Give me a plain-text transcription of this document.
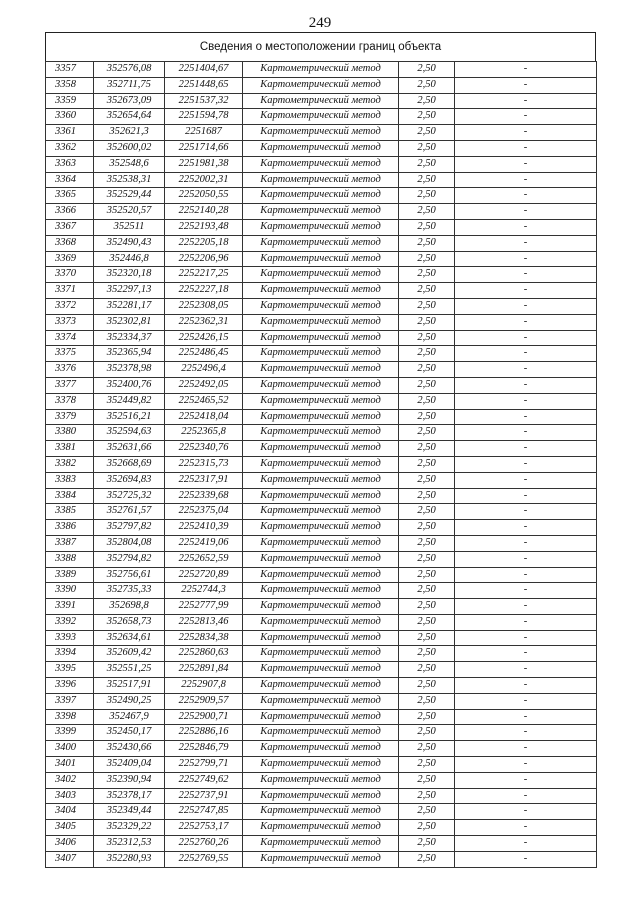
249
Сведения о местоположении границ объекта
3357	352576,08	2251404,67	Картометрический метод	2,50	-
3358	352711,75	2251448,65	Картометрический метод	2,50	-
3359	352673,09	2251537,32	Картометрический метод	2,50	-
3360	352654,64	2251594,78	Картометрический метод	2,50	-
3361	352621,3	2251687	Картометрический метод	2,50	-
3362	352600,02	2251714,66	Картометрический метод	2,50	-
3363	352548,6	2251981,38	Картометрический метод	2,50	-
3364	352538,31	2252002,31	Картометрический метод	2,50	-
3365	352529,44	2252050,55	Картометрический метод	2,50	-
3366	352520,57	2252140,28	Картометрический метод	2,50	-
3367	352511	2252193,48	Картометрический метод	2,50	-
3368	352490,43	2252205,18	Картометрический метод	2,50	-
3369	352446,8	2252206,96	Картометрический метод	2,50	-
3370	352320,18	2252217,25	Картометрический метод	2,50	-
3371	352297,13	2252227,18	Картометрический метод	2,50	-
3372	352281,17	2252308,05	Картометрический метод	2,50	-
3373	352302,81	2252362,31	Картометрический метод	2,50	-
3374	352334,37	2252426,15	Картометрический метод	2,50	-
3375	352365,94	2252486,45	Картометрический метод	2,50	-
3376	352378,98	2252496,4	Картометрический метод	2,50	-
3377	352400,76	2252492,05	Картометрический метод	2,50	-
3378	352449,82	2252465,52	Картометрический метод	2,50	-
3379	352516,21	2252418,04	Картометрический метод	2,50	-
3380	352594,63	2252365,8	Картометрический метод	2,50	-
3381	352631,66	2252340,76	Картометрический метод	2,50	-
3382	352668,69	2252315,73	Картометрический метод	2,50	-
3383	352694,83	2252317,91	Картометрический метод	2,50	-
3384	352725,32	2252339,68	Картометрический метод	2,50	-
3385	352761,57	2252375,04	Картометрический метод	2,50	-
3386	352797,82	2252410,39	Картометрический метод	2,50	-
3387	352804,08	2252419,06	Картометрический метод	2,50	-
3388	352794,82	2252652,59	Картометрический метод	2,50	-
3389	352756,61	2252720,89	Картометрический метод	2,50	-
3390	352735,33	2252744,3	Картометрический метод	2,50	-
3391	352698,8	2252777,99	Картометрический метод	2,50	-
3392	352658,73	2252813,46	Картометрический метод	2,50	-
3393	352634,61	2252834,38	Картометрический метод	2,50	-
3394	352609,42	2252860,63	Картометрический метод	2,50	-
3395	352551,25	2252891,84	Картометрический метод	2,50	-
3396	352517,91	2252907,8	Картометрический метод	2,50	-
3397	352490,25	2252909,57	Картометрический метод	2,50	-
3398	352467,9	2252900,71	Картометрический метод	2,50	-
3399	352450,17	2252886,16	Картометрический метод	2,50	-
3400	352430,66	2252846,79	Картометрический метод	2,50	-
3401	352409,04	2252799,71	Картометрический метод	2,50	-
3402	352390,94	2252749,62	Картометрический метод	2,50	-
3403	352378,17	2252737,91	Картометрический метод	2,50	-
3404	352349,44	2252747,85	Картометрический метод	2,50	-
3405	352329,22	2252753,17	Картометрический метод	2,50	-
3406	352312,53	2252760,26	Картометрический метод	2,50	-
3407	352280,93	2252769,55	Картометрический метод	2,50	-
